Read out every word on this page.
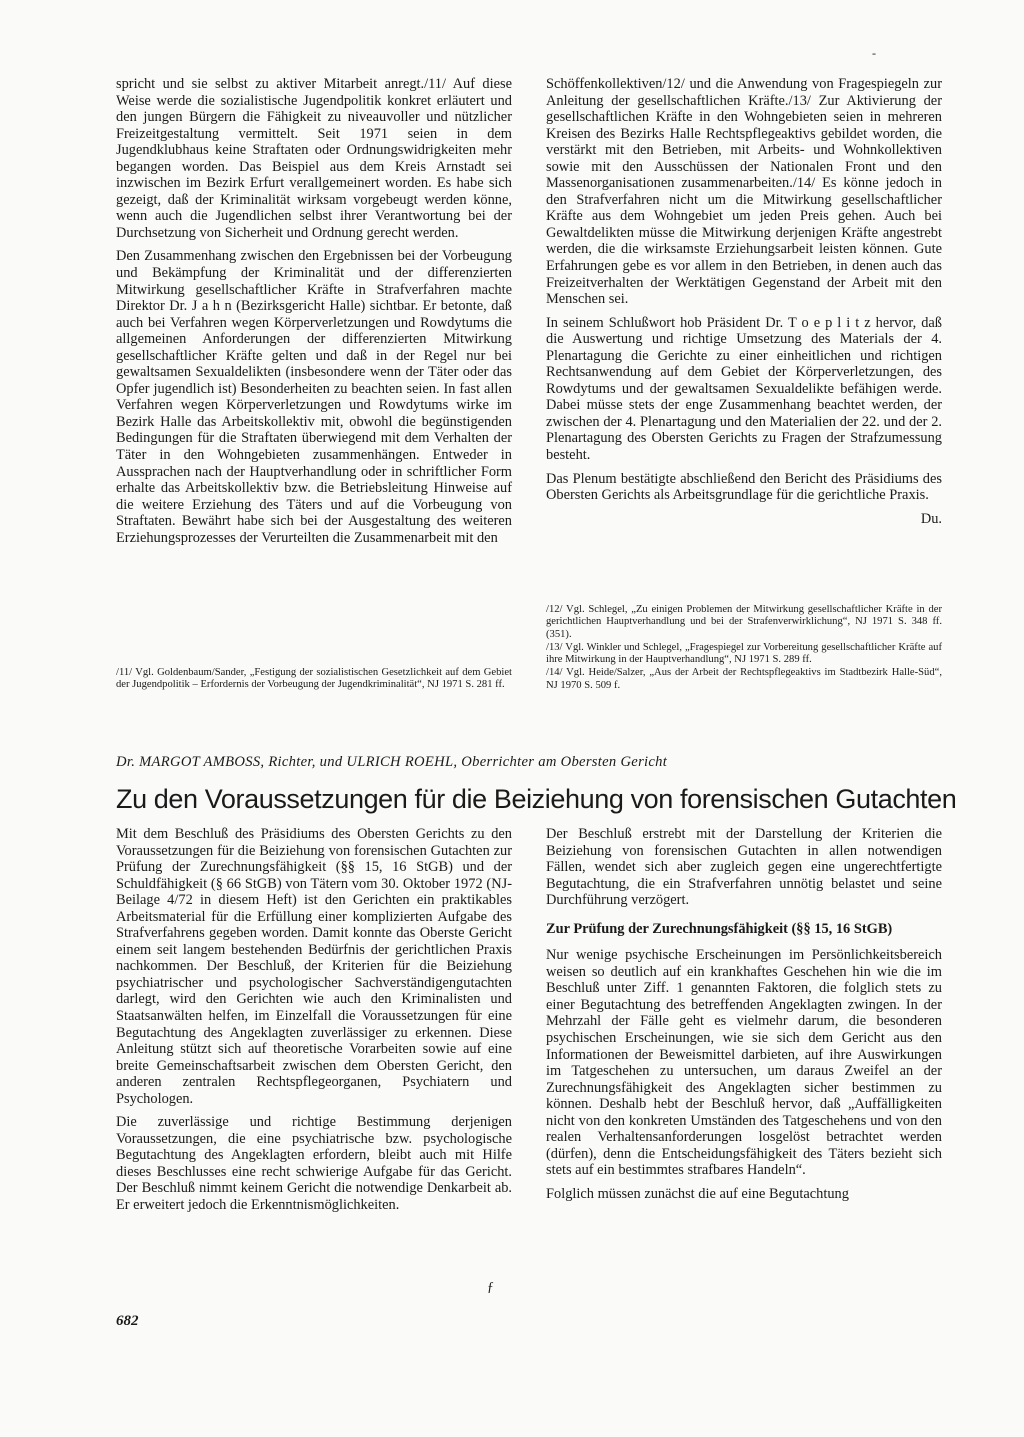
-

spricht und sie selbst zu aktiver Mitarbeit anregt./11/ Auf diese Weise werde die sozialistische Jugendpolitik konkret erläutert und den jungen Bürgern die Fähigkeit zu niveauvoller und nützlicher Freizeitgestaltung vermittelt. Seit 1971 seien in dem Jugendklubhaus keine Straftaten oder Ordnungswidrigkeiten mehr begangen worden. Das Beispiel aus dem Kreis Arnstadt sei inzwischen im Bezirk Erfurt verallgemeinert worden. Es habe sich gezeigt, daß der Kriminalität wirksam vorgebeugt werden könne, wenn auch die Jugendlichen selbst ihrer Verantwortung bei der Durchsetzung von Sicherheit und Ordnung gerecht werden.

Den Zusammenhang zwischen den Ergebnissen bei der Vorbeugung und Bekämpfung der Kriminalität und der differenzierten Mitwirkung gesellschaftlicher Kräfte in Strafverfahren machte Direktor Dr. J a h n (Bezirksgericht Halle) sichtbar. Er betonte, daß auch bei Verfahren wegen Körperverletzungen und Rowdytums die allgemeinen Anforderungen der differenzierten Mitwirkung gesellschaftlicher Kräfte gelten und daß in der Regel nur bei gewaltsamen Sexualdelikten (insbesondere wenn der Täter oder das Opfer jugendlich ist) Besonderheiten zu beachten seien. In fast allen Verfahren wegen Körperverletzungen und Rowdytums wirke im Bezirk Halle das Arbeitskollektiv mit, obwohl die begünstigenden Bedingungen für die Straftaten überwiegend mit dem Verhalten der Täter in den Wohngebieten zusammenhängen. Entweder in Aussprachen nach der Hauptverhandlung oder in schriftlicher Form erhalte das Arbeitskollektiv bzw. die Betriebsleitung Hinweise auf die weitere Erziehung des Täters und auf die Vorbeugung von Straftaten. Bewährt habe sich bei der Ausgestaltung des weiteren Erziehungsprozesses der Verurteilten die Zusammenarbeit mit den

/11/ Vgl. Goldenbaum/Sander, „Festigung der sozialistischen Gesetzlichkeit auf dem Gebiet der Jugendpolitik – Erfordernis der Vorbeugung der Jugendkriminalität“, NJ 1971 S. 281 ff.

Schöffenkollektiven/12/ und die Anwendung von Fragespiegeln zur Anleitung der gesellschaftlichen Kräfte./13/ Zur Aktivierung der gesellschaftlichen Kräfte in den Wohngebieten seien in mehreren Kreisen des Bezirks Halle Rechtspflegeaktivs gebildet worden, die verstärkt mit den Betrieben, mit Arbeits- und Wohnkollektiven sowie mit den Ausschüssen der Nationalen Front und den Massenorganisationen zusammenarbeiten./14/ Es könne jedoch in den Strafverfahren nicht um die Mitwirkung gesellschaftlicher Kräfte aus dem Wohngebiet um jeden Preis gehen. Auch bei Gewaltdelikten müsse die Mitwirkung derjenigen Kräfte angestrebt werden, die die wirksamste Erziehungsarbeit leisten können. Gute Erfahrungen gebe es vor allem in den Betrieben, in denen auch das Freizeitverhalten der Werktätigen Gegenstand der Arbeit mit den Menschen sei.

In seinem Schlußwort hob Präsident Dr. T o e p l i t z hervor, daß die Auswertung und richtige Umsetzung des Materials der 4. Plenartagung die Gerichte zu einer einheitlichen und richtigen Rechtsanwendung auf dem Gebiet der Körperverletzungen, des Rowdytums und der gewaltsamen Sexualdelikte befähigen werde. Dabei müsse stets der enge Zusammenhang beachtet werden, der zwischen der 4. Plenartagung und den Materialien der 22. und der 2. Plenartagung des Obersten Gerichts zu Fragen der Strafzumessung besteht.

Das Plenum bestätigte abschließend den Bericht des Präsidiums des Obersten Gerichts als Arbeitsgrundlage für die gerichtliche Praxis.

Du.

/12/ Vgl. Schlegel, „Zu einigen Problemen der Mitwirkung gesellschaftlicher Kräfte in der gerichtlichen Hauptverhandlung und bei der Strafenverwirklichung“, NJ 1971 S. 348 ff. (351).

/13/ Vgl. Winkler und Schlegel, „Fragespiegel zur Vorbereitung gesellschaftlicher Kräfte auf ihre Mitwirkung in der Hauptverhandlung“, NJ 1971 S. 289 ff.

/14/ Vgl. Heide/Salzer, „Aus der Arbeit der Rechtspflegeaktivs im Stadtbezirk Halle-Süd“, NJ 1970 S. 509 f.

Dr. MARGOT AMBOSS, Richter, und ULRICH ROEHL, Oberrichter am Obersten Gericht
Zu den Voraussetzungen für die Beiziehung von forensischen Gutachten

Mit dem Beschluß des Präsidiums des Obersten Gerichts zu den Voraussetzungen für die Beiziehung von forensischen Gutachten zur Prüfung der Zurechnungsfähigkeit (§§ 15, 16 StGB) und der Schuldfähigkeit (§ 66 StGB) von Tätern vom 30. Oktober 1972 (NJ-Beilage 4/72 in diesem Heft) ist den Gerichten ein praktikables Arbeitsmaterial für die Erfüllung einer komplizierten Aufgabe des Strafverfahrens gegeben worden. Damit konnte das Oberste Gericht einem seit langem bestehenden Bedürfnis der gerichtlichen Praxis nachkommen. Der Beschluß, der Kriterien für die Beiziehung psychiatrischer und psychologischer Sachverständigengutachten darlegt, wird den Gerichten wie auch den Kriminalisten und Staatsanwälten helfen, im Einzelfall die Voraussetzungen für eine Begutachtung des Angeklagten zuverlässiger zu erkennen. Diese Anleitung stützt sich auf theoretische Vorarbeiten sowie auf eine breite Gemeinschaftsarbeit zwischen dem Obersten Gericht, den anderen zentralen Rechtspflegeorganen, Psychiatern und Psychologen.

Die zuverlässige und richtige Bestimmung derjenigen Voraussetzungen, die eine psychiatrische bzw. psychologische Begutachtung des Angeklagten erfordern, bleibt auch mit Hilfe dieses Beschlusses eine recht schwierige Aufgabe für das Gericht. Der Beschluß nimmt keinem Gericht die notwendige Denkarbeit ab. Er erweitert jedoch die Erkenntnismöglichkeiten.

ƒ

Der Beschluß erstrebt mit der Darstellung der Kriterien die Beiziehung von forensischen Gutachten in allen notwendigen Fällen, wendet sich aber zugleich gegen eine ungerechtfertigte Begutachtung, die ein Strafverfahren unnötig belastet und seine Durchführung verzögert.

Zur Prüfung der Zurechnungsfähigkeit (§§ 15, 16 StGB)

Nur wenige psychische Erscheinungen im Persönlichkeitsbereich weisen so deutlich auf ein krankhaftes Geschehen hin wie die im Beschluß unter Ziff. 1 genannten Faktoren, die folglich stets zu einer Begutachtung des betreffenden Angeklagten zwingen. In der Mehrzahl der Fälle geht es vielmehr darum, die besonderen psychischen Erscheinungen, wie sie sich dem Gericht aus den Informationen der Beweismittel darbieten, auf ihre Auswirkungen im Tatgeschehen zu untersuchen, um daraus Zweifel an der Zurechnungsfähigkeit des Angeklagten sicher bestimmen zu können. Deshalb hebt der Beschluß hervor, daß „Auffälligkeiten nicht von den konkreten Umständen des Tatgeschehens und von den realen Verhaltensanforderungen losgelöst betrachtet werden (dürfen), denn die Entscheidungsfähigkeit des Täters bezieht sich stets auf ein bestimmtes strafbares Handeln“.

Folglich müssen zunächst die auf eine Begutachtung

682
